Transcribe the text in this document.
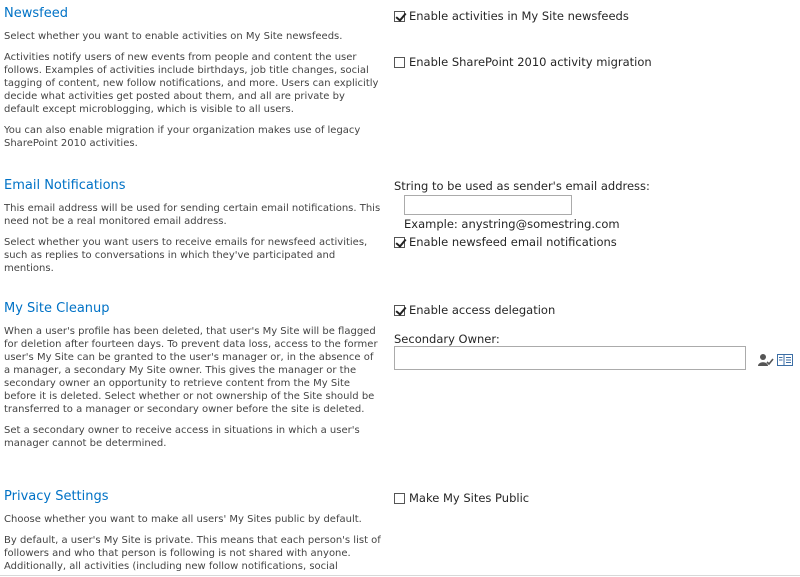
Newsfeed

Select whether you want to enable activities on My Site newsfeeds.

Activities notify users of new events from people and content the user follows. Examples of activities include birthdays, job title changes, social tagging of content, new follow notifications, and more. Users can explicitly decide what activities get posted about them, and all are private by default except microblogging, which is visible to all users.

You can also enable migration if your organization makes use of legacy SharePoint 2010 activities.

Enable activities in My Site newsfeeds
Enable SharePoint 2010 activity migration
Email Notifications

This email address will be used for sending certain email notifications. This need not be a real monitored email address.

Select whether you want users to receive emails for newsfeed activities, such as replies to conversations in which they've participated and mentions.

String to be used as sender's email address:
Example: anystring@somestring.com
Enable newsfeed email notifications
My Site Cleanup

When a user's profile has been deleted, that user's My Site will be flagged for deletion after fourteen days. To prevent data loss, access to the former user's My Site can be granted to the user's manager or, in the absence of a manager, a secondary My Site owner. This gives the manager or the secondary owner an opportunity to retrieve content from the My Site before it is deleted. Select whether or not ownership of the Site should be transferred to a manager or secondary owner before the site is deleted.

Set a secondary owner to receive access in situations in which a user's manager cannot be determined.

Enable access delegation
Secondary Owner:
Privacy Settings

Choose whether you want to make all users' My Sites public by default.

By default, a user's My Site is private. This means that each person's list of followers and who that person is following is not shared with anyone. Additionally, all activities (including new follow notifications, social

Make My Sites Public
